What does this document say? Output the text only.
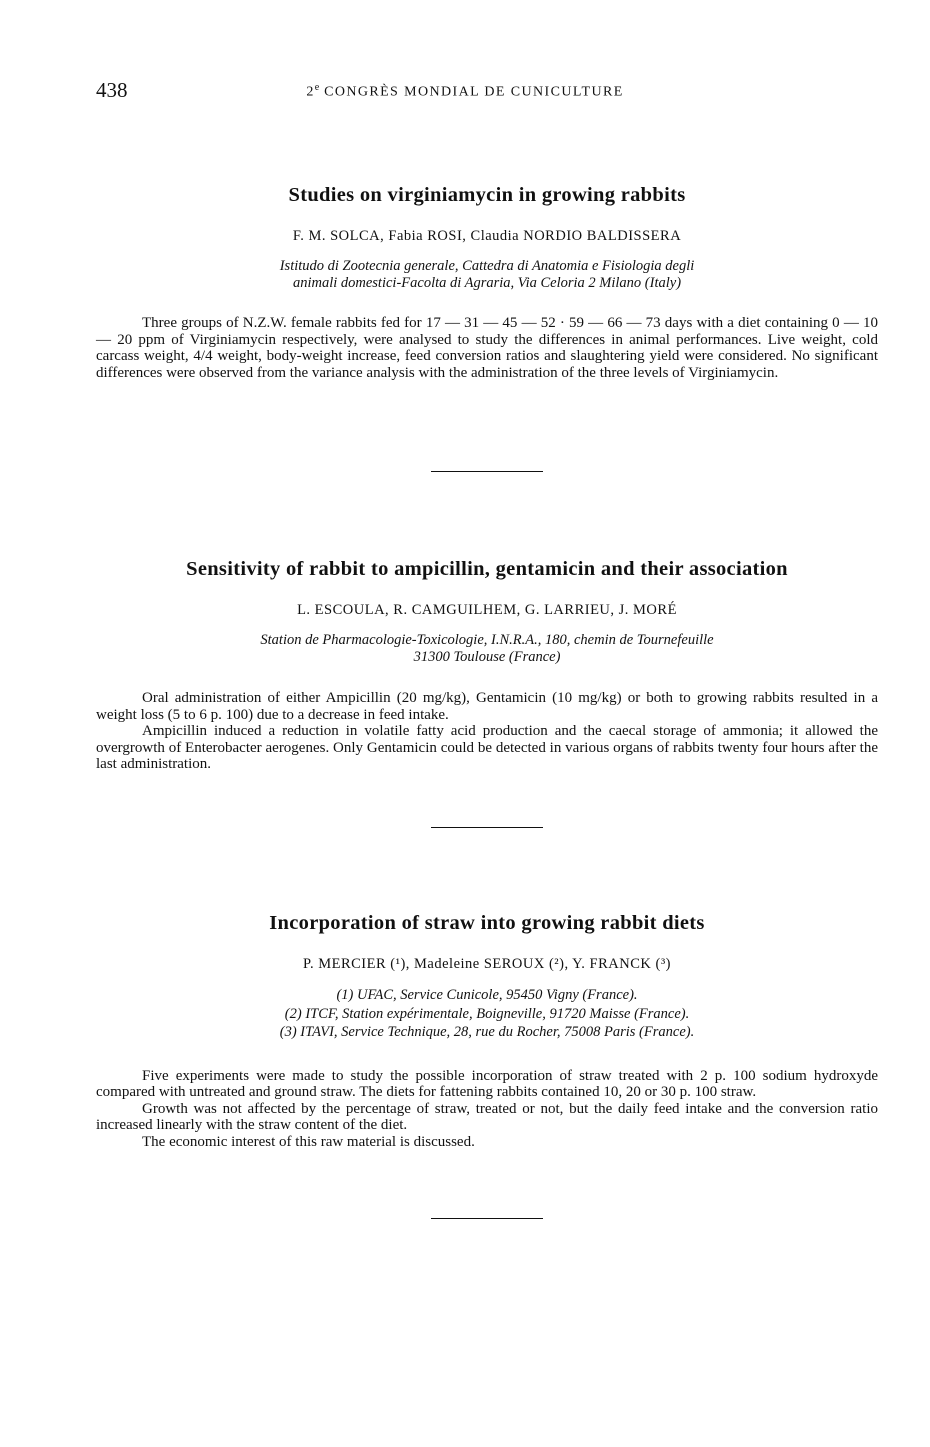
438	2e CONGRÈS MONDIAL DE CUNICULTURE
Studies on virginiamycin in growing rabbits
F. M. SOLCA, Fabia ROSI, Claudia NORDIO BALDISSERA
Istitudo di Zootecnia generale, Cattedra di Anatomia e Fisiologia degli
animali domestici-Facolta di Agraria, Via Celoria 2 Milano (Italy)

Three groups of N.Z.W. female rabbits fed for 17 — 31 — 45 — 52 · 59 — 66 — 73 days with a diet containing 0 — 10 — 20 ppm of Virginiamycin respectively, were analysed to study the differences in animal performances. Live weight, cold carcass weight, 4/4 weight, body-weight increase, feed conversion ratios and slaughtering yield were considered. No significant differences were observed from the variance analysis with the administration of the three levels of Virginiamycin.

Sensitivity of rabbit to ampicillin, gentamicin and their association
L. ESCOULA, R. CAMGUILHEM, G. LARRIEU, J. MORÉ
Station de Pharmacologie-Toxicologie, I.N.R.A., 180, chemin de Tournefeuille
31300 Toulouse (France)

Oral administration of either Ampicillin (20 mg/kg), Gentamicin (10 mg/kg) or both to growing rabbits resulted in a weight loss (5 to 6 p. 100) due to a decrease in feed intake.

Ampicillin induced a reduction in volatile fatty acid production and the caecal storage of ammonia; it allowed the overgrowth of Enterobacter aerogenes. Only Gentamicin could be detected in various organs of rabbits twenty four hours after the last administration.

Incorporation of straw into growing rabbit diets
P. MERCIER (¹), Madeleine SEROUX (²), Y. FRANCK (³)
(1) UFAC, Service Cunicole, 95450 Vigny (France).
(2) ITCF, Station expérimentale, Boigneville, 91720 Maisse (France).
(3) ITAVI, Service Technique, 28, rue du Rocher, 75008 Paris (France).

Five experiments were made to study the possible incorporation of straw treated with 2 p. 100 sodium hydroxyde compared with untreated and ground straw. The diets for fattening rabbits contained 10, 20 or 30 p. 100 straw.

Growth was not affected by the percentage of straw, treated or not, but the daily feed intake and the conversion ratio increased linearly with the straw content of the diet.

The economic interest of this raw material is discussed.
